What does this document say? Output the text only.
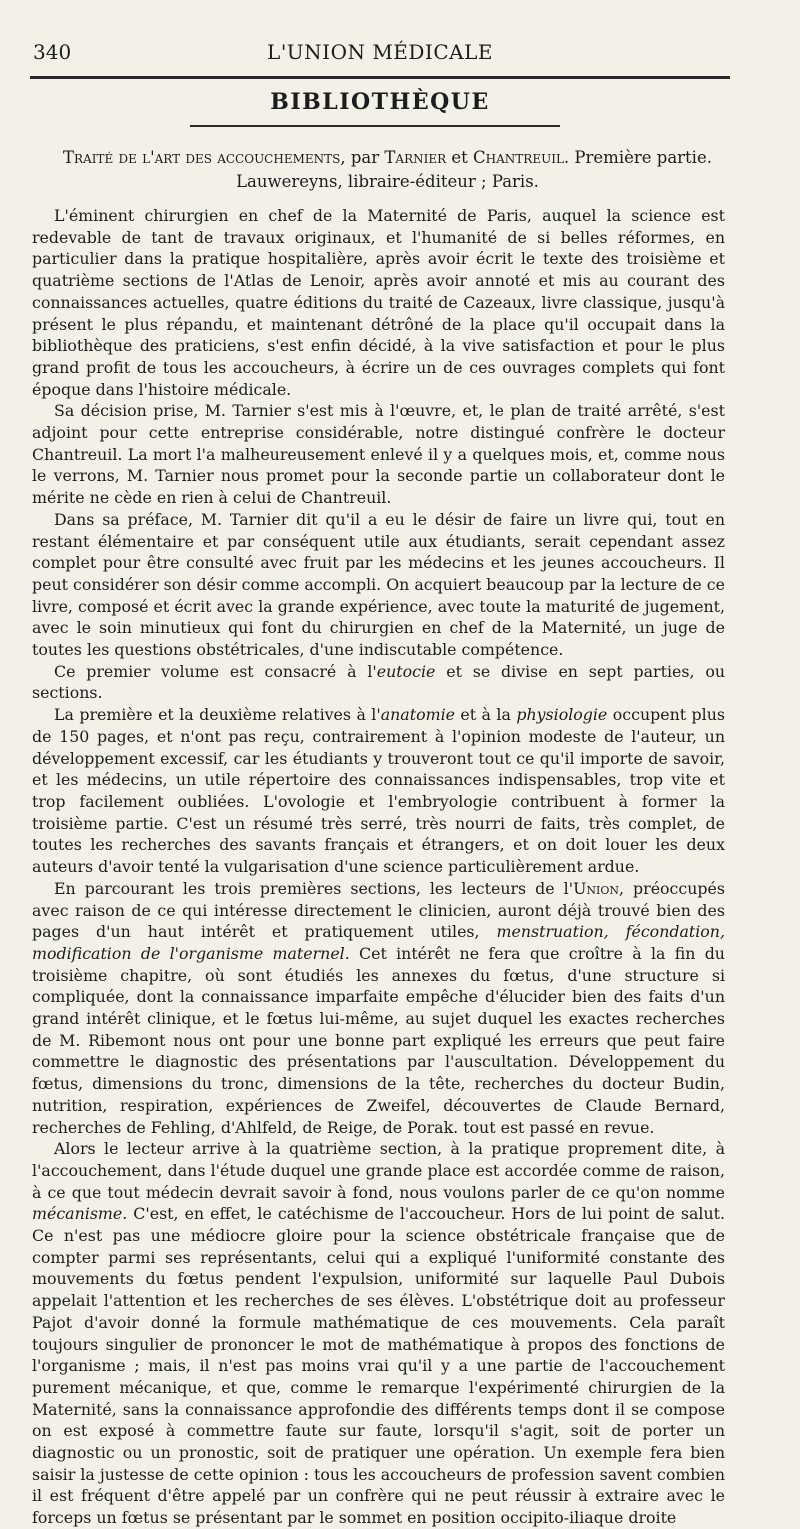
340	L'UNION MÉDICALE
BIBLIOTHÈQUE
Traité de l'art des accouchements, par Tarnier et Chantreuil. Première partie.
Lauwereyns, libraire-éditeur ; Paris.

L'éminent chirurgien en chef de la Maternité de Paris, auquel la science est redevable de tant de travaux originaux, et l'humanité de si belles réformes, en particulier dans la pratique hospitalière, après avoir écrit le texte des troisième et quatrième sections de l'Atlas de Lenoir, après avoir annoté et mis au courant des connaissances actuelles, quatre éditions du traité de Cazeaux, livre classique, jusqu'à présent le plus répandu, et maintenant détrôné de la place qu'il occupait dans la bibliothèque des praticiens, s'est enfin décidé, à la vive satisfaction et pour le plus grand profit de tous les accoucheurs, à écrire un de ces ouvrages complets qui font époque dans l'histoire médicale.

Sa décision prise, M. Tarnier s'est mis à l'œuvre, et, le plan de traité arrêté, s'est adjoint pour cette entreprise considérable, notre distingué confrère le docteur Chantreuil. La mort l'a malheureusement enlevé il y a quelques mois, et, comme nous le verrons, M. Tarnier nous promet pour la seconde partie un collaborateur dont le mérite ne cède en rien à celui de Chantreuil.

Dans sa préface, M. Tarnier dit qu'il a eu le désir de faire un livre qui, tout en restant élémentaire et par conséquent utile aux étudiants, serait cependant assez complet pour être consulté avec fruit par les médecins et les jeunes accoucheurs. Il peut considérer son désir comme accompli. On acquiert beaucoup par la lecture de ce livre, composé et écrit avec la grande expérience, avec toute la maturité de jugement, avec le soin minutieux qui font du chirurgien en chef de la Maternité, un juge de toutes les questions obstétricales, d'une indiscutable compétence.

Ce premier volume est consacré à l'eutocie et se divise en sept parties, ou sections.

La première et la deuxième relatives à l'anatomie et à la physiologie occupent plus de 150 pages, et n'ont pas reçu, contrairement à l'opinion modeste de l'auteur, un développement excessif, car les étudiants y trouveront tout ce qu'il importe de savoir, et les médecins, un utile répertoire des connaissances indispensables, trop vite et trop facilement oubliées. L'ovologie et l'embryologie contribuent à former la troisième partie. C'est un résumé très serré, très nourri de faits, très complet, de toutes les recherches des savants français et étrangers, et on doit louer les deux auteurs d'avoir tenté la vulgarisation d'une science particulièrement ardue.

En parcourant les trois premières sections, les lecteurs de l'Union, préoccupés avec raison de ce qui intéresse directement le clinicien, auront déjà trouvé bien des pages d'un haut intérêt et pratiquement utiles, menstruation, fécondation, modification de l'organisme maternel. Cet intérêt ne fera que croître à la fin du troisième chapitre, où sont étudiés les annexes du fœtus, d'une structure si compliquée, dont la connaissance imparfaite empêche d'élucider bien des faits d'un grand intérêt clinique, et le fœtus lui-même, au sujet duquel les exactes recherches de M. Ribemont nous ont pour une bonne part expliqué les erreurs que peut faire commettre le diagnostic des présentations par l'auscultation. Développement du fœtus, dimensions du tronc, dimensions de la tête, recherches du docteur Budin, nutrition, respiration, expériences de Zweifel, découvertes de Claude Bernard, recherches de Fehling, d'Ahlfeld, de Reige, de Porak. tout est passé en revue.

Alors le lecteur arrive à la quatrième section, à la pratique proprement dite, à l'accouchement, dans l'étude duquel une grande place est accordée comme de raison, à ce que tout médecin devrait savoir à fond, nous voulons parler de ce qu'on nomme mécanisme. C'est, en effet, le catéchisme de l'accoucheur. Hors de lui point de salut. Ce n'est pas une médiocre gloire pour la science obstétricale française que de compter parmi ses représentants, celui qui a expliqué l'uniformité constante des mouvements du fœtus pendent l'expulsion, uniformité sur laquelle Paul Dubois appelait l'attention et les recherches de ses élèves. L'obstétrique doit au professeur Pajot d'avoir donné la formule mathématique de ces mouvements. Cela paraît toujours singulier de prononcer le mot de mathématique à propos des fonctions de l'organisme ; mais, il n'est pas moins vrai qu'il y a une partie de l'accouchement purement mécanique, et que, comme le remarque l'expérimenté chirurgien de la Maternité, sans la connaissance approfondie des différents temps dont il se compose on est exposé à commettre faute sur faute, lorsqu'il s'agit, soit de porter un diagnostic ou un pronostic, soit de pratiquer une opération. Un exemple fera bien saisir la justesse de cette opinion : tous les accoucheurs de profession savent combien il est fréquent d'être appelé par un confrère qui ne peut réussir à extraire avec le forceps un fœtus se présentant par le sommet en position occipito-iliaque droite
